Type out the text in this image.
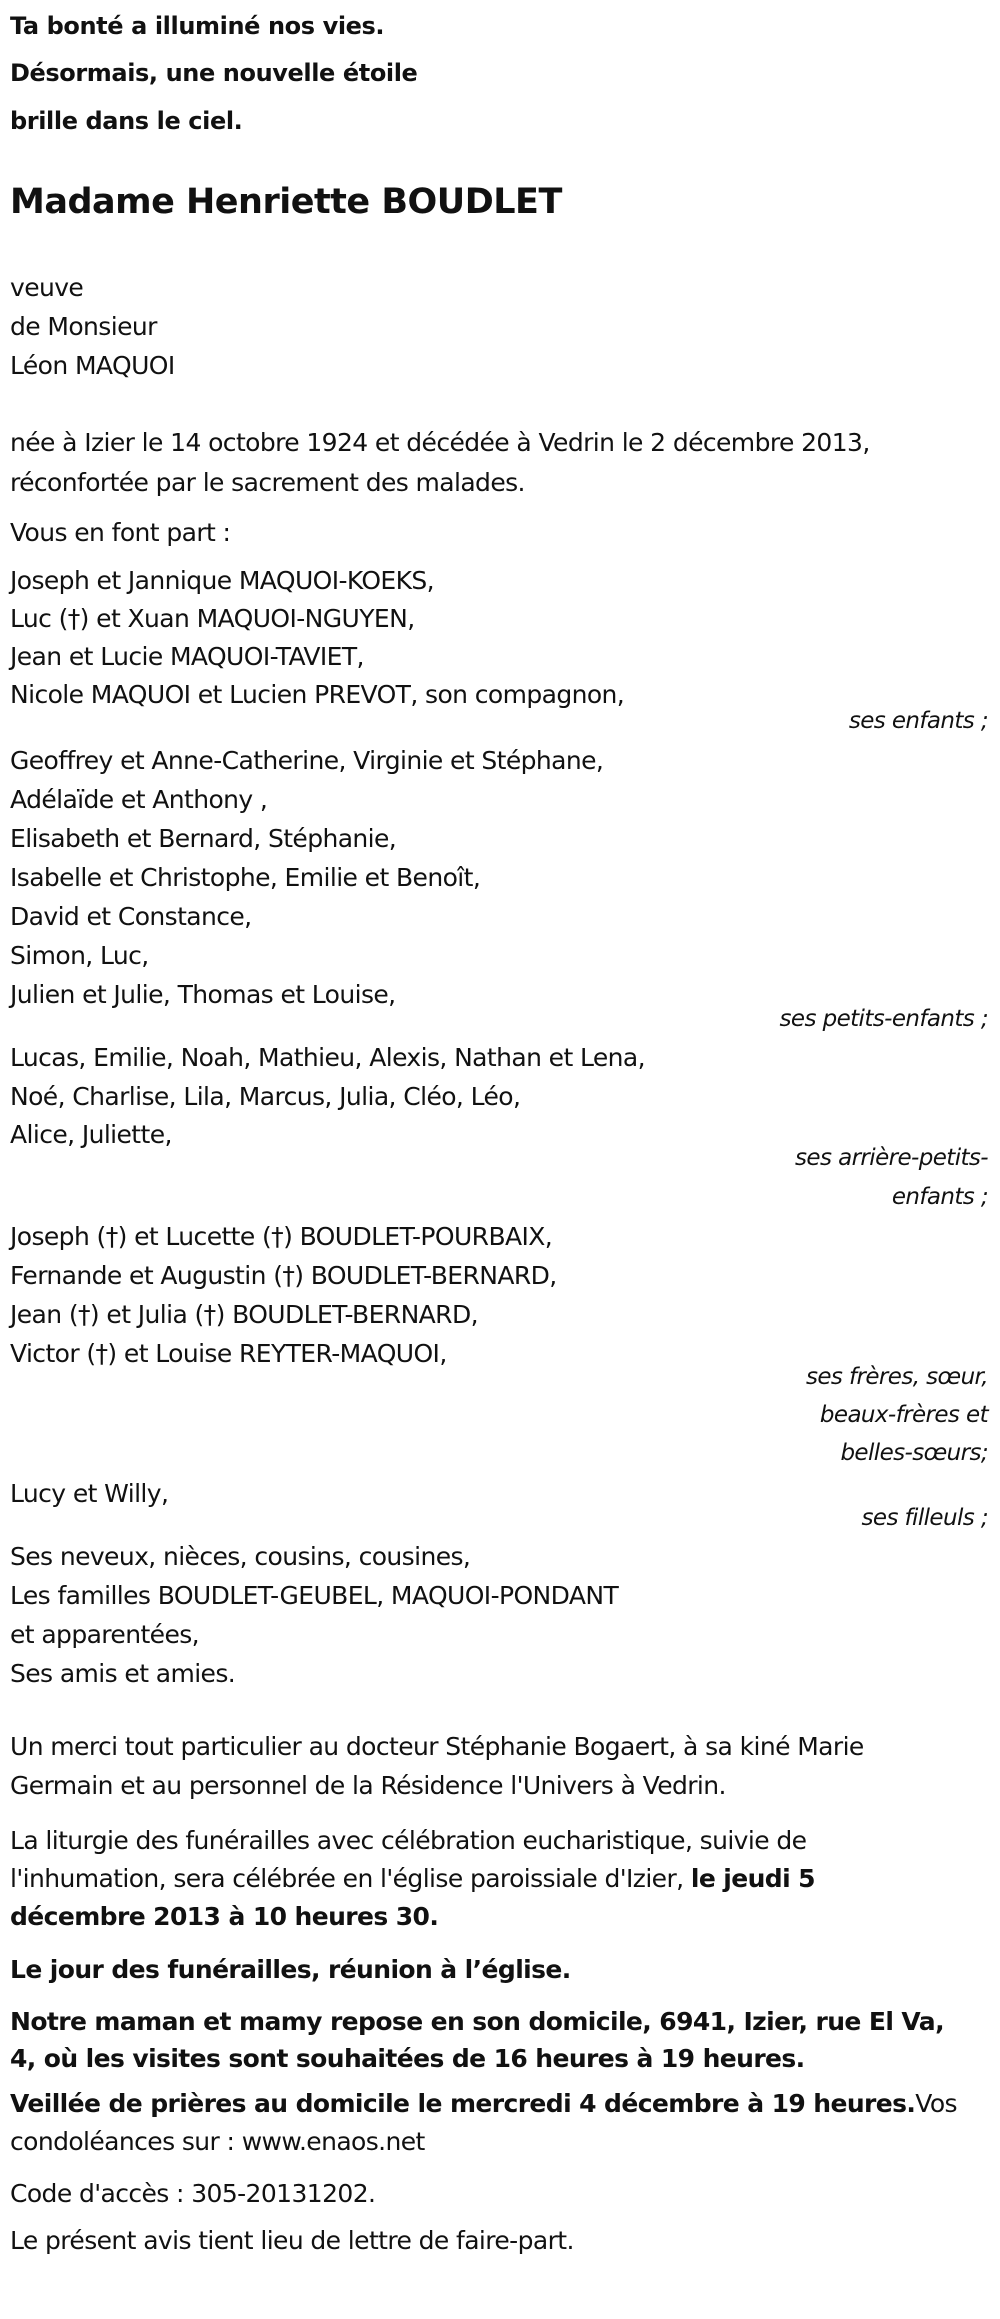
Ta bonté a illuminé nos vies.
Désormais, une nouvelle étoile
brille dans le ciel.
Madame Henriette BOUDLET
veuve
de Monsieur
Léon MAQUOI
née à Izier le 14 octobre 1924 et décédée à Vedrin le 2 décembre 2013,
réconfortée par le sacrement des malades.
Vous en font part :
Joseph et Jannique MAQUOI-KOEKS,
Luc (†) et Xuan MAQUOI-NGUYEN,
Jean et Lucie MAQUOI-TAVIET,
Nicole MAQUOI et Lucien PREVOT, son compagnon,
ses enfants ;
Geoffrey et Anne-Catherine, Virginie et Stéphane,
Adélaïde et Anthony ,
Elisabeth et Bernard, Stéphanie,
Isabelle et Christophe, Emilie et Benoît,
David et Constance,
Simon, Luc,
Julien et Julie, Thomas et Louise,
ses petits-enfants ;
Lucas, Emilie, Noah, Mathieu, Alexis, Nathan et Lena,
Noé, Charlise, Lila, Marcus, Julia, Cléo, Léo,
Alice, Juliette,
ses arrière-petits-
enfants ;
Joseph (†) et Lucette (†) BOUDLET-POURBAIX,
Fernande et Augustin (†) BOUDLET-BERNARD,
Jean (†) et Julia (†) BOUDLET-BERNARD,
Victor (†) et Louise REYTER-MAQUOI,
ses frères, sœur,
beaux-frères et
belles-sœurs;
Lucy et Willy,
ses filleuls ;
Ses neveux, nièces, cousins, cousines,
Les familles BOUDLET-GEUBEL, MAQUOI-PONDANT
et apparentées,
Ses amis et amies.
Un merci tout particulier au docteur Stéphanie Bogaert, à sa kiné Marie
Germain et au personnel de la Résidence l'Univers à Vedrin.
La liturgie des funérailles avec célébration eucharistique, suivie de
l'inhumation, sera célébrée en l'église paroissiale d'Izier, le jeudi 5
décembre 2013 à 10 heures 30.
Le jour des funérailles, réunion à l’église.
Notre maman et mamy repose en son domicile, 6941, Izier, rue El Va,
4, où les visites sont souhaitées de 16 heures à 19 heures.
Veillée de prières au domicile le mercredi 4 décembre à 19 heures.Vos
condoléances sur : www.enaos.net
Code d'accès : 305-20131202.
Le présent avis tient lieu de lettre de faire-part.
